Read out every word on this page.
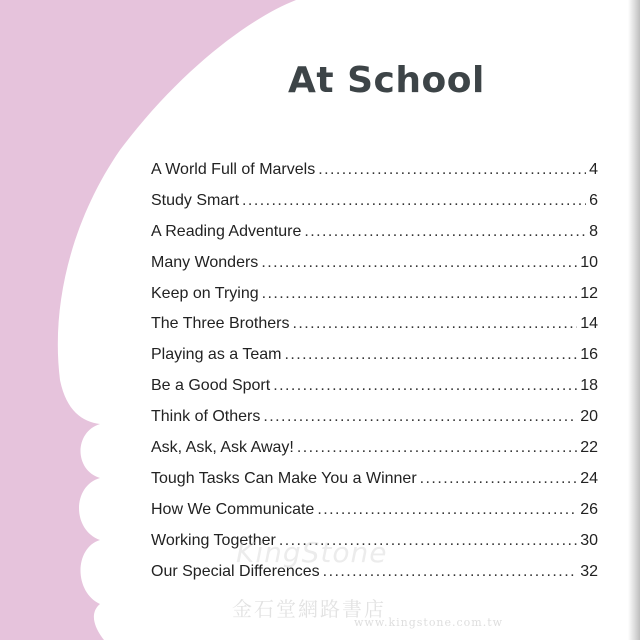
At School
A World Full of Marvels . . .	4
Study Smart . . .	6
A Reading Adventure . . .	8
Many Wonders . . .	10
Keep on Trying . . .	12
The Three Brothers . . .	14
Playing as a Team . . .	16
Be a Good Sport . . .	18
Think of Others . . .	20
Ask, Ask, Ask Away! . . .	22
Tough Tasks Can Make You a Winner . . .	24
How We Communicate . . .	26
Working Together . . .	30
Our Special Differences . . .	32
KingStone
金石堂網路書店
www.kingstone.com.tw
